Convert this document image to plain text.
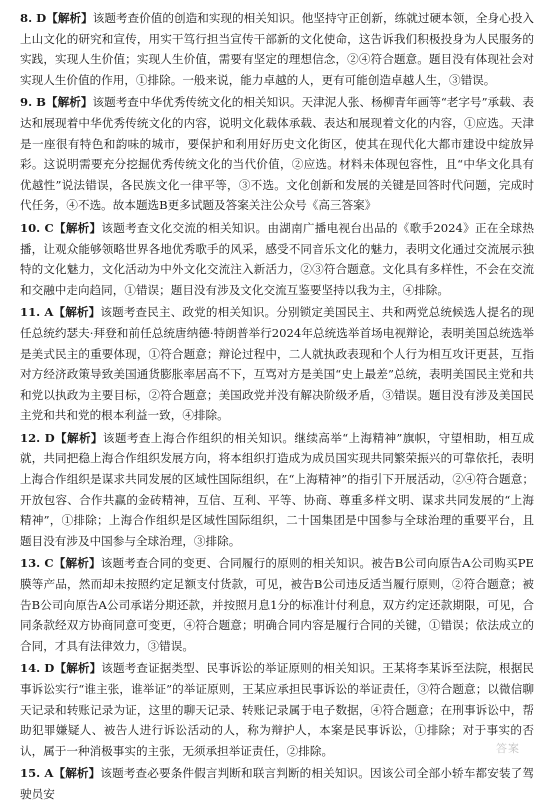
8. D【解析】该题考查价值的创造和实现的相关知识。他坚持守正创新，练就过硬本领，全身心投入上山文化的研究和宣传，用实干笃行担当宣传干部新的文化使命，这告诉我们积极投身为人民服务的实践，实现人生价值；实现人生价值，需要有坚定的理想信念，②④符合题意。题目没有体现社会对实现人生价值的作用，①排除。一般来说，能力卓越的人，更有可能创造卓越人生，③错误。

9. B【解析】该题考查中华优秀传统文化的相关知识。天津泥人张、杨柳青年画等“老字号”承载、表达和展现着中华优秀传统文化的内容，说明文化载体承载、表达和展现着文化的内容，①应选。天津是一座很有特色和韵味的城市，要保护和利用好历史文化街区，使其在现代化大都市建设中绽放异彩。这说明需要充分挖掘优秀传统文化的当代价值，②应选。材料未体现包容性，且“中华文化具有优越性”说法错误，各民族文化一律平等，③不选。文化创新和发展的关键是回答时代问题，完成时代任务，④不选。故本题选B更多试题及答案关注公众号《高三答案》

10. C【解析】该题考查文化交流的相关知识。由湖南广播电视台出品的《歌手2024》正在全球热播，让观众能够领略世界各地优秀歌手的风采，感受不同音乐文化的魅力，表明文化通过交流展示独特的文化魅力，文化活动为中外文化交流注入新活力，②③符合题意。文化具有多样性，不会在交流和交融中走向趋同，①错误；题目没有涉及文化交流互鉴要坚持以我为主，④排除。

11. A【解析】该题考查民主、政党的相关知识。分别锁定美国民主、共和两党总统候选人提名的现任总统约瑟夫·拜登和前任总统唐纳德·特朗普举行2024年总统选举首场电视辩论，表明美国总统选举是美式民主的重要体现，①符合题意；辩论过程中，二人就执政表现和个人行为相互攻讦更甚，互指对方经济政策导致美国通货膨胀率居高不下，互骂对方是美国“史上最差”总统，表明美国民主党和共和党以执政为主要目标，②符合题意；美国政党并没有解决阶级矛盾，③错误。题目没有涉及美国民主党和共和党的根本利益一致，④排除。

12. D【解析】该题考查上海合作组织的相关知识。继续高举“上海精神”旗帜，守望相助，相互成就，共同把稳上海合作组织发展方向，将本组织打造成为成员国实现共同繁荣振兴的可靠依托，表明上海合作组织是谋求共同发展的区域性国际组织，在“上海精神”的指引下开展活动，②④符合题意；开放包容、合作共赢的金砖精神，互信、互利、平等、协商、尊重多样文明、谋求共同发展的“上海精神”，①排除；上海合作组织是区域性国际组织，二十国集团是中国参与全球治理的重要平台，且题目没有涉及中国参与全球治理，③排除。

13. C【解析】该题考查合同的变更、合同履行的原则的相关知识。被告B公司向原告A公司购买PE膜等产品，然而却未按照约定足额支付货款，可见，被告B公司违反适当履行原则，②符合题意；被告B公司向原告A公司承诺分期还款，并按照月息1分的标准计付利息，双方约定还款期限，可见，合同条款经双方协商同意可变更，④符合题意；明确合同内容是履行合同的关键，①错误；依法成立的合同，才具有法律效力，③错误。

14. D【解析】该题考查证据类型、民事诉讼的举证原则的相关知识。王某将李某诉至法院，根据民事诉讼实行“谁主张，谁举证”的举证原则，王某应承担民事诉讼的举证责任，③符合题意；以微信聊天记录和转账记录为证，这里的聊天记录、转账记录属于电子数据，④符合题意；在刑事诉讼中，帮助犯罪嫌疑人、被告人进行诉讼活动的人，称为辩护人，本案是民事诉讼，①排除；对于事实的否认，属于一种消极事实的主张，无须承担举证责任，②排除。

15. A【解析】该题考查必要条件假言判断和联言判断的相关知识。因该公司全部小轿车都安装了驾驶员安

答案
